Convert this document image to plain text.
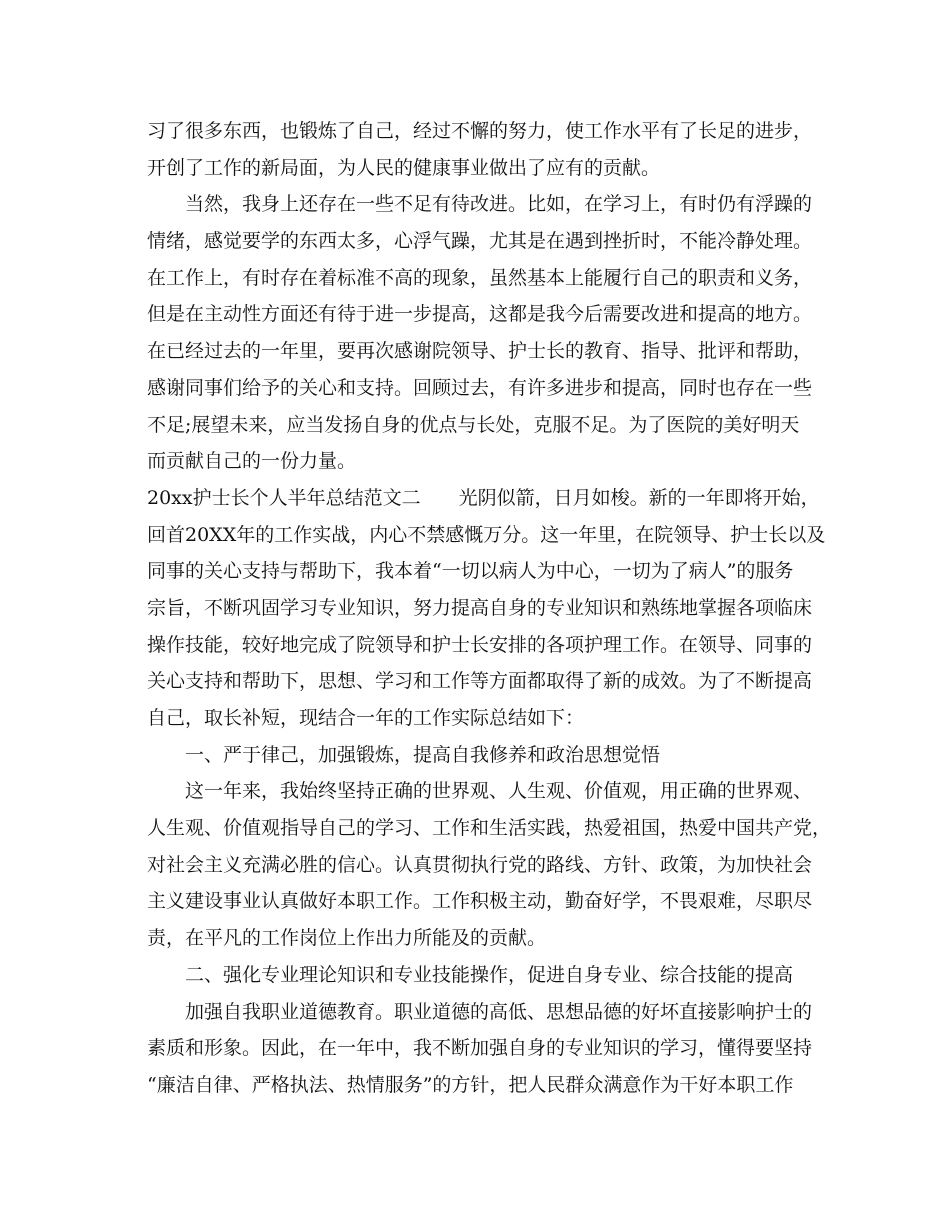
习了很多东西，也锻炼了自己，经过不懈的努力，使工作水平有了长足的进步，
开创了工作的新局面，为人民的健康事业做出了应有的贡献。
当然，我身上还存在一些不足有待改进。比如，在学习上，有时仍有浮躁的
情绪，感觉要学的东西太多，心浮气躁，尤其是在遇到挫折时，不能冷静处理。
在工作上，有时存在着标准不高的现象，虽然基本上能履行自己的职责和义务，
但是在主动性方面还有待于进一步提高，这都是我今后需要改进和提高的地方。
在已经过去的一年里，要再次感谢院领导、护士长的教育、指导、批评和帮助，
感谢同事们给予的关心和支持。回顾过去，有许多进步和提高，同时也存在一些
不足;展望未来，应当发扬自身的优点与长处，克服不足。为了医院的美好明天
而贡献自己的一份力量。
20xx护士长个人半年总结范文二　　光阴似箭，日月如梭。新的一年即将开始，
回首20XX年的工作实战，内心不禁感慨万分。这一年里，在院领导、护士长以及
同事的关心支持与帮助下，我本着“一切以病人为中心，一切为了病人”的服务
宗旨，不断巩固学习专业知识，努力提高自身的专业知识和熟练地掌握各项临床
操作技能，较好地完成了院领导和护士长安排的各项护理工作。在领导、同事的
关心支持和帮助下，思想、学习和工作等方面都取得了新的成效。为了不断提高
自己，取长补短，现结合一年的工作实际总结如下：
一、严于律己，加强锻炼，提高自我修养和政治思想觉悟
这一年来，我始终坚持正确的世界观、人生观、价值观，用正确的世界观、
人生观、价值观指导自己的学习、工作和生活实践，热爱祖国，热爱中国共产党，
对社会主义充满必胜的信心。认真贯彻执行党的路线、方针、政策，为加快社会
主义建设事业认真做好本职工作。工作积极主动，勤奋好学，不畏艰难，尽职尽
责，在平凡的工作岗位上作出力所能及的贡献。
二、强化专业理论知识和专业技能操作，促进自身专业、综合技能的提高
加强自我职业道德教育。职业道德的高低、思想品德的好坏直接影响护士的
素质和形象。因此，在一年中，我不断加强自身的专业知识的学习，懂得要坚持
“廉洁自律、严格执法、热情服务”的方针，把人民群众满意作为干好本职工作
